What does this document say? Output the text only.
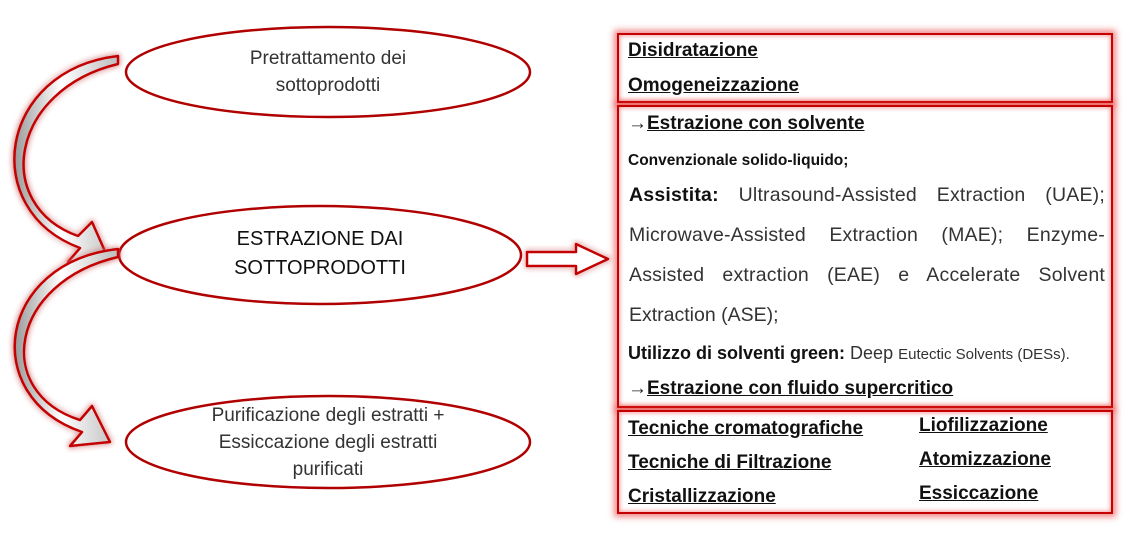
Pretrattamento dei
sottoprodotti
ESTRAZIONE DAI
SOTTOPRODOTTI
Purificazione degli estratti +
Essiccazione degli estratti
purificati
Disidratazione
Omogeneizzazione
→Estrazione con solvente
Convenzionale solido-liquido;
Assistita: Ultrasound-Assisted Extraction (UAE);
Microwave-Assisted Extraction (MAE); Enzyme-
Assisted extraction (EAE) e Accelerate Solvent
Extraction (ASE);
Utilizzo di solventi green: Deep Eutectic Solvents (DESs).
→Estrazione con fluido supercritico
Tecniche cromatografiche
Tecniche di Filtrazione
Cristallizzazione
Liofilizzazione
Atomizzazione
Essiccazione
